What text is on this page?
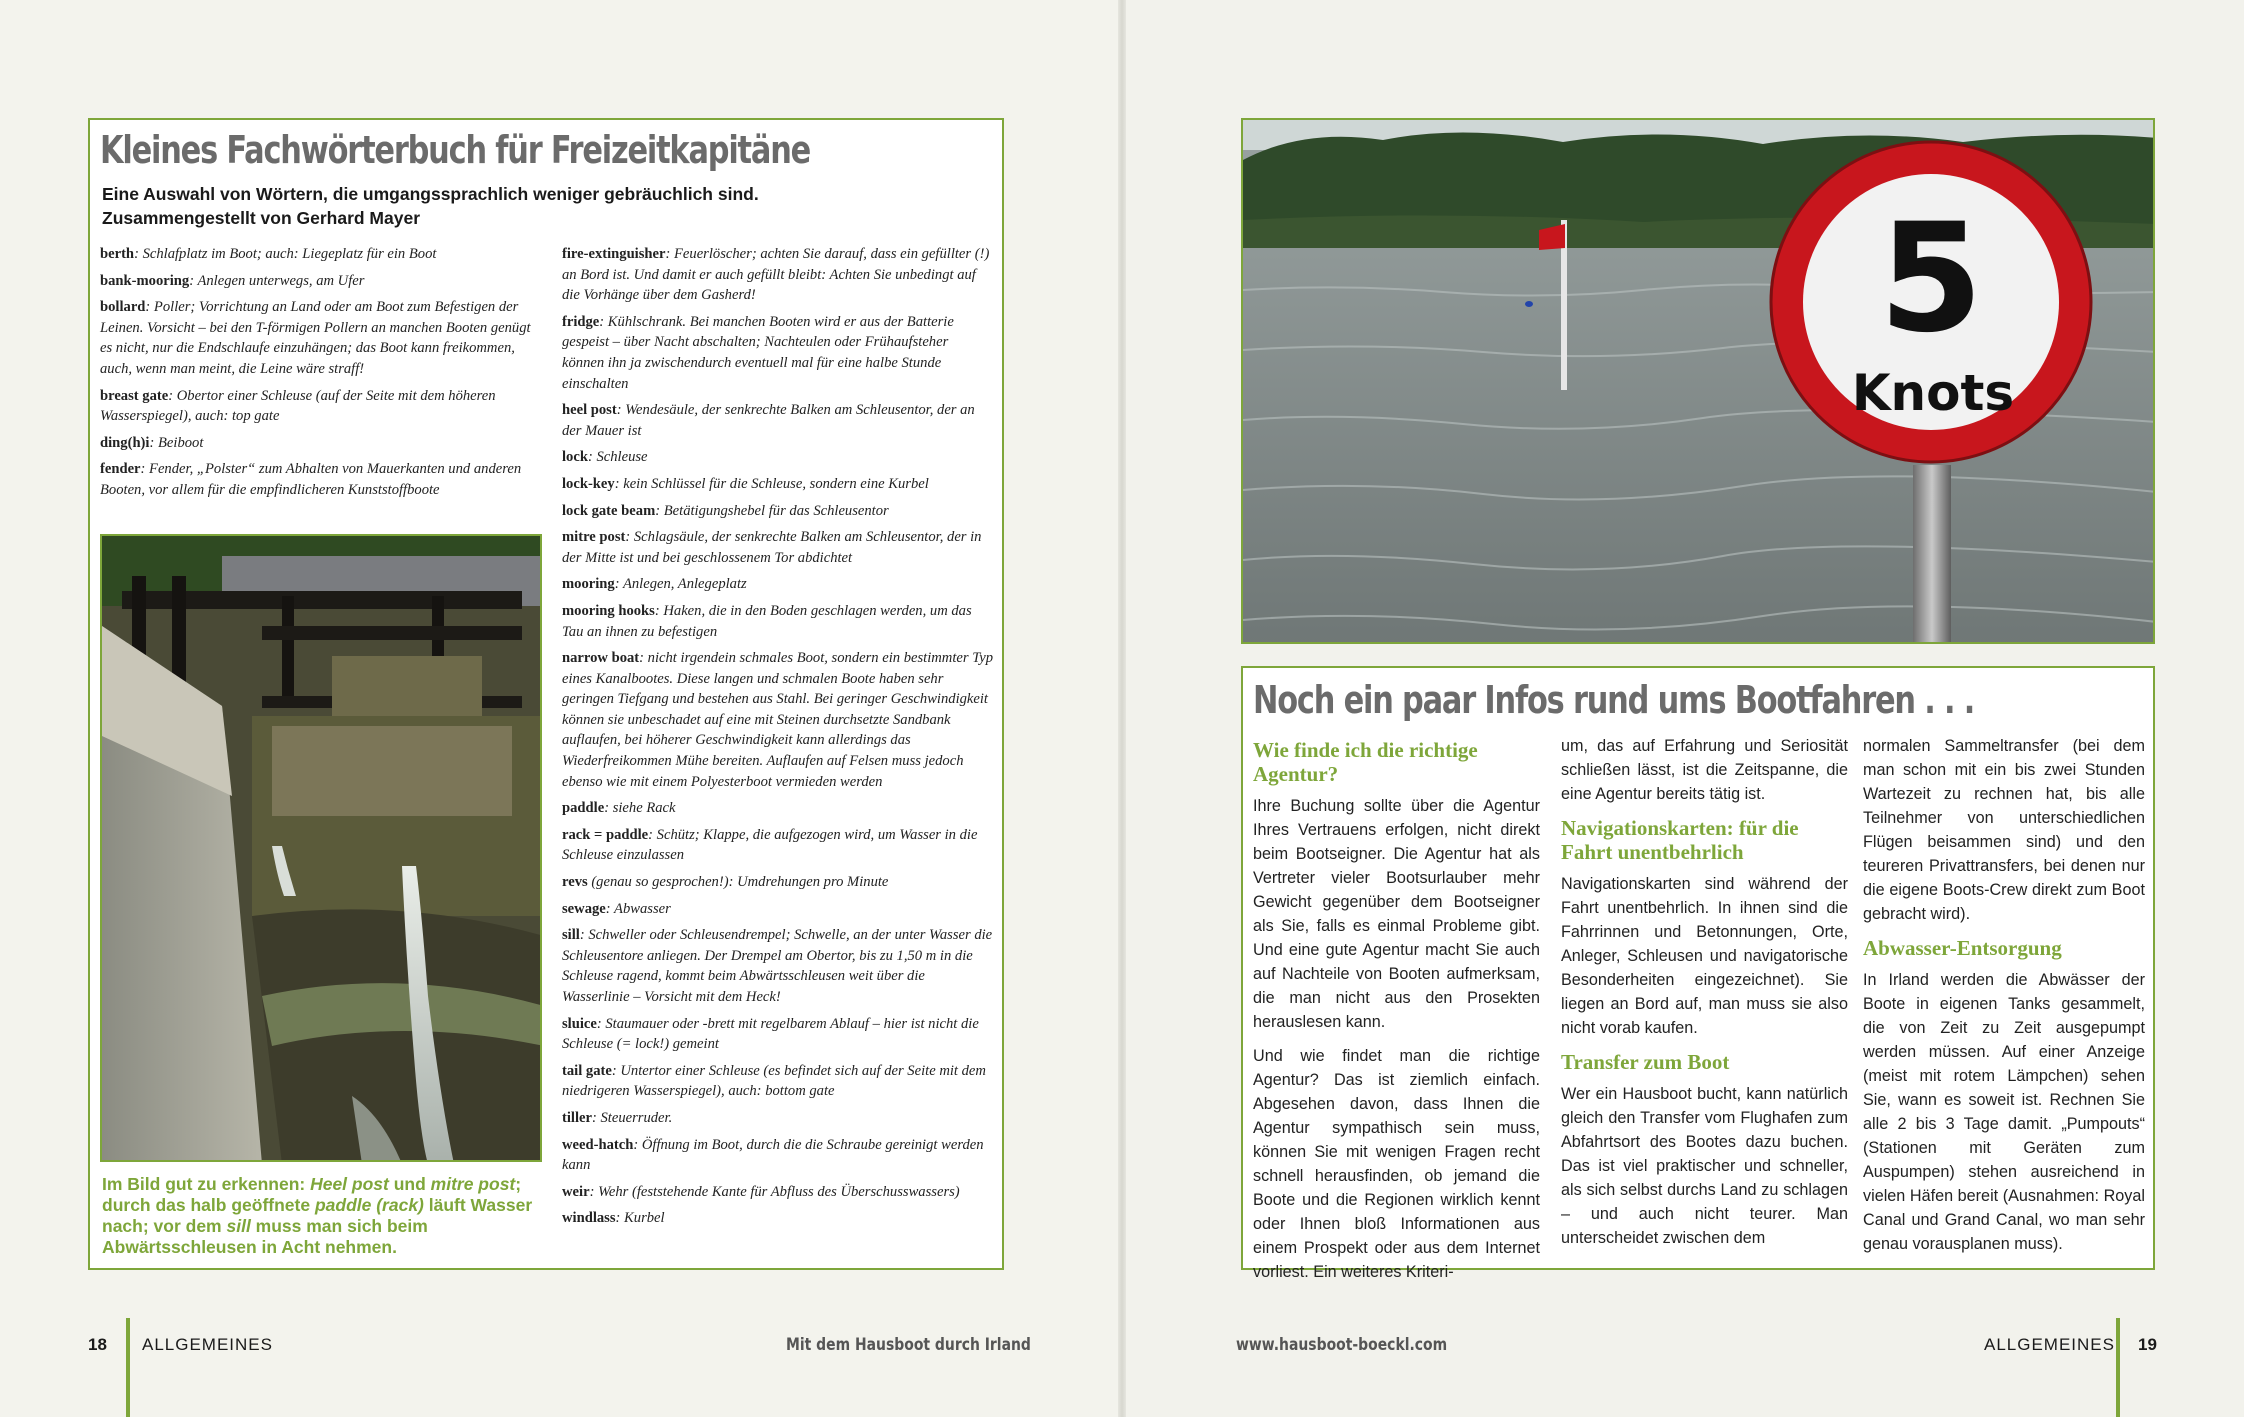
Kleines Fachwörterbuch für Freizeitkapitäne
Eine Auswahl von Wörtern, die umgangssprachlich weniger gebräuchlich sind.
Zusammengestellt von Gerhard Mayer
berth: Schlafplatz im Boot; auch: Liegeplatz für ein Boot
bank-mooring: Anlegen unterwegs, am Ufer
bollard: Poller; Vorrichtung an Land oder am Boot zum Befestigen der Leinen. Vorsicht – bei den T-förmigen Pollern an manchen Booten genügt es nicht, nur die Endschlaufe einzuhängen; das Boot kann freikommen, auch, wenn man meint, die Leine wäre straff!
breast gate: Obertor einer Schleuse (auf der Seite mit dem höheren Wasserspiegel), auch: top gate
ding(h)i: Beiboot
fender: Fender, „Polster“ zum Abhalten von Mauerkanten und anderen Booten, vor allem für die empfindlicheren Kunststoffboote
fire-extinguisher: Feuerlöscher; achten Sie darauf, dass ein gefüllter (!) an Bord ist. Und damit er auch gefüllt bleibt: Achten Sie unbedingt auf die Vorhänge über dem Gasherd!
fridge: Kühlschrank. Bei manchen Booten wird er aus der Batterie gespeist – über Nacht abschalten; Nachteulen oder Frühaufsteher können ihn ja zwischendurch eventuell mal für eine halbe Stunde einschalten
heel post: Wendesäule, der senkrechte Balken am Schleusentor, der an der Mauer ist
lock: Schleuse
lock-key: kein Schlüssel für die Schleuse, sondern eine Kurbel
lock gate beam: Betätigungshebel für das Schleusentor
mitre post: Schlagsäule, der senkrechte Balken am Schleusentor, der in der Mitte ist und bei geschlossenem Tor abdichtet
mooring: Anlegen, Anlegeplatz
mooring hooks: Haken, die in den Boden geschlagen werden, um das Tau an ihnen zu befestigen
narrow boat: nicht irgendein schmales Boot, sondern ein bestimmter Typ eines Kanalbootes. Diese langen und schmalen Boote haben sehr geringen Tiefgang und bestehen aus Stahl. Bei geringer Geschwindigkeit können sie unbeschadet auf eine mit Steinen durchsetzte Sandbank auflaufen, bei höherer Geschwindigkeit kann allerdings das Wiederfreikommen Mühe bereiten. Auflaufen auf Felsen muss jedoch ebenso wie mit einem Polyesterboot vermieden werden
paddle: siehe Rack
rack = paddle: Schütz; Klappe, die aufgezogen wird, um Wasser in die Schleuse einzulassen
revs (genau so gesprochen!): Umdrehungen pro Minute
sewage: Abwasser
sill: Schweller oder Schleusendrempel; Schwelle, an der unter Wasser die Schleusentore anliegen. Der Drempel am Obertor, bis zu 1,50 m in die Schleuse ragend, kommt beim Abwärtsschleusen weit über die Wasserlinie – Vorsicht mit dem Heck!
sluice: Staumauer oder -brett mit regelbarem Ablauf – hier ist nicht die Schleuse (= lock!) gemeint
tail gate: Untertor einer Schleuse (es befindet sich auf der Seite mit dem niedrigeren Wasserspiegel), auch: bottom gate
tiller: Steuerruder.
weed-hatch: Öffnung im Boot, durch die die Schraube gereinigt werden kann
weir: Wehr (feststehende Kante für Abfluss des Überschusswassers)
windlass: Kurbel
Im Bild gut zu erkennen: Heel post und mitre post; durch das halb geöffnete paddle (rack) läuft Wasser nach; vor dem sill muss man sich beim Abwärtsschleusen in Acht nehmen.
18 ALLGEMEINES	Mit dem Hausboot durch Irland
5
Knots
Noch ein paar Infos rund ums Bootfahren . . .
Wie finde ich die richtige Agentur?

Ihre Buchung sollte über die Agentur Ihres Vertrauens erfolgen, nicht direkt beim Bootseigner. Die Agentur hat als Vertreter vieler Bootsurlauber mehr Gewicht gegenüber dem Bootseigner als Sie, falls es einmal Probleme gibt. Und eine gute Agentur macht Sie auch auf Nachteile von Booten aufmerksam, die man nicht aus den Prosekten herauslesen kann.

Und wie findet man die richtige Agentur? Das ist ziemlich einfach. Abgesehen davon, dass Ihnen die Agentur sympathisch sein muss, können Sie mit wenigen Fragen recht schnell herausfinden, ob jemand die Boote und die Regionen wirklich kennt oder Ihnen bloß Informationen aus einem Prospekt oder aus dem Internet vorliest. Ein weiteres Kriteri-

um, das auf Erfahrung und Seriosität schließen lässt, ist die Zeitspanne, die eine Agentur bereits tätig ist.

Navigationskarten: für die Fahrt unentbehrlich

Navigationskarten sind während der Fahrt unentbehrlich. In ihnen sind die Fahrrinnen und Betonnungen, Orte, Anleger, Schleusen und navigatorische Besonderheiten eingezeichnet). Sie liegen an Bord auf, man muss sie also nicht vorab kaufen.

Transfer zum Boot

Wer ein Hausboot bucht, kann natürlich gleich den Transfer vom Flughafen zum Abfahrtsort des Bootes dazu buchen. Das ist viel praktischer und schneller, als sich selbst durchs Land zu schlagen – und auch nicht teurer. Man unterscheidet zwischen dem

normalen Sammeltransfer (bei dem man schon mit ein bis zwei Stunden Wartezeit zu rechnen hat, bis alle Teilnehmer von unterschiedlichen Flügen beisammen sind) und den teureren Privattransfers, bei denen nur die eigene Boots-Crew direkt zum Boot gebracht wird).

Abwasser-Entsorgung

In Irland werden die Abwässer der Boote in eigenen Tanks gesammelt, die von Zeit zu Zeit ausgepumpt werden müssen. Auf einer Anzeige (meist mit rotem Lämpchen) sehen Sie, wann es soweit ist. Rechnen Sie alle 2 bis 3 Tage damit. „Pumpouts“ (Stationen mit Geräten zum Auspumpen) stehen ausreichend in vielen Häfen bereit (Ausnahmen: Royal Canal und Grand Canal, wo man sehr genau vorausplanen muss).

www.hausboot-boeckl.com	ALLGEMEINES 19
